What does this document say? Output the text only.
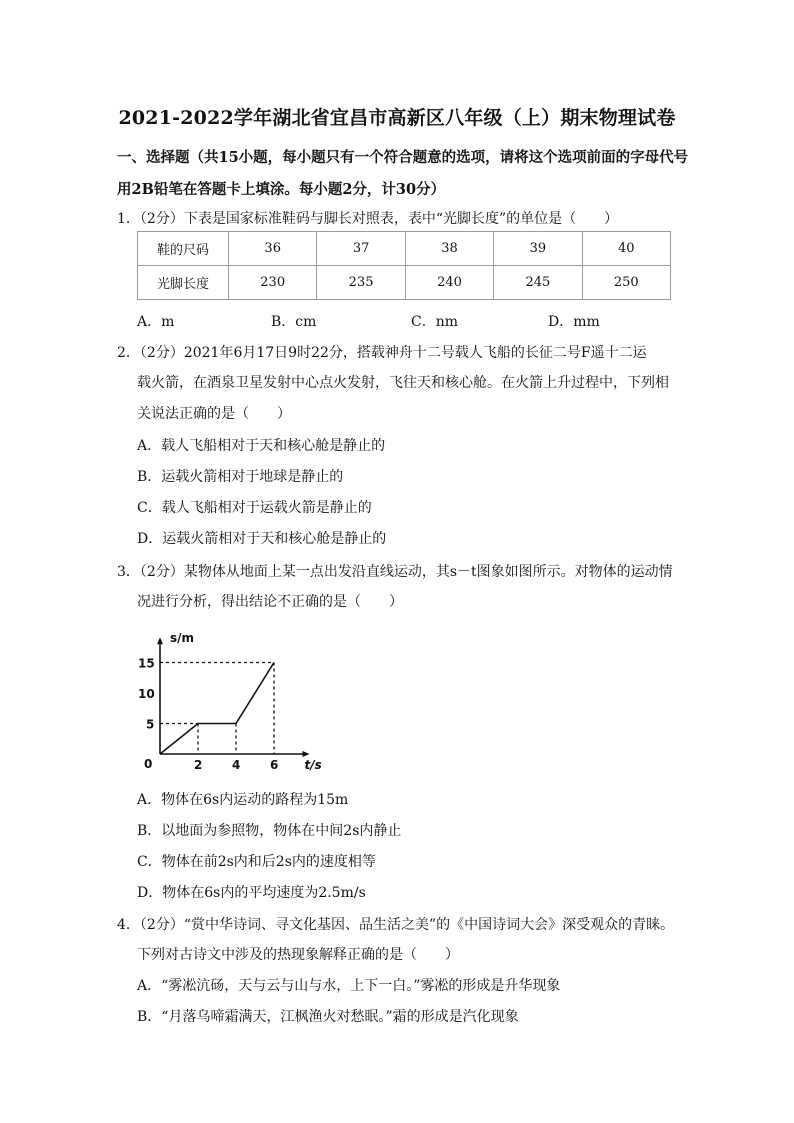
2021-2022学年湖北省宜昌市高新区八年级（上）期末物理试卷
一、选择题（共15小题，每小题只有一个符合题意的选项，请将这个选项前面的字母代号
用2B铅笔在答题卡上填涂。每小题2分，计30分）
1．（2分）下表是国家标准鞋码与脚长对照表，表中“光脚长度”的单位是（　　）
鞋的尺码	36	37	38	39	40
光脚长度	230	235	240	245	250
A．m	B．cm	C．nm	D．mm
2．（2分）2021年6月17日9时22分，搭载神舟十二号载人飞船的长征二号F遥十二运
载火箭，在酒泉卫星发射中心点火发射，飞往天和核心舱。在火箭上升过程中，下列相
关说法正确的是（　　）
A．载人飞船相对于天和核心舱是静止的
B．运载火箭相对于地球是静止的
C．载人飞船相对于运载火箭是静止的
D．运载火箭相对于天和核心舱是静止的
3．（2分）某物体从地面上某一点出发沿直线运动，其s－t图象如图所示。对物体的运动情
况进行分析，得出结论不正确的是（　　）
s/m
t/s
0	2 4 6
5
10
15
A．物体在6s内运动的路程为15m
B．以地面为参照物，物体在中间2s内静止
C．物体在前2s内和后2s内的速度相等
D．物体在6s内的平均速度为2.5m/s
4．（2分）“赏中华诗词、寻文化基因、品生活之美”的《中国诗词大会》深受观众的青睐。
下列对古诗文中涉及的热现象解释正确的是（　　）
A．“雾凇沆砀，天与云与山与水，上下一白。”雾凇的形成是升华现象
B．“月落乌啼霜满天，江枫渔火对愁眠。”霜的形成是汽化现象
